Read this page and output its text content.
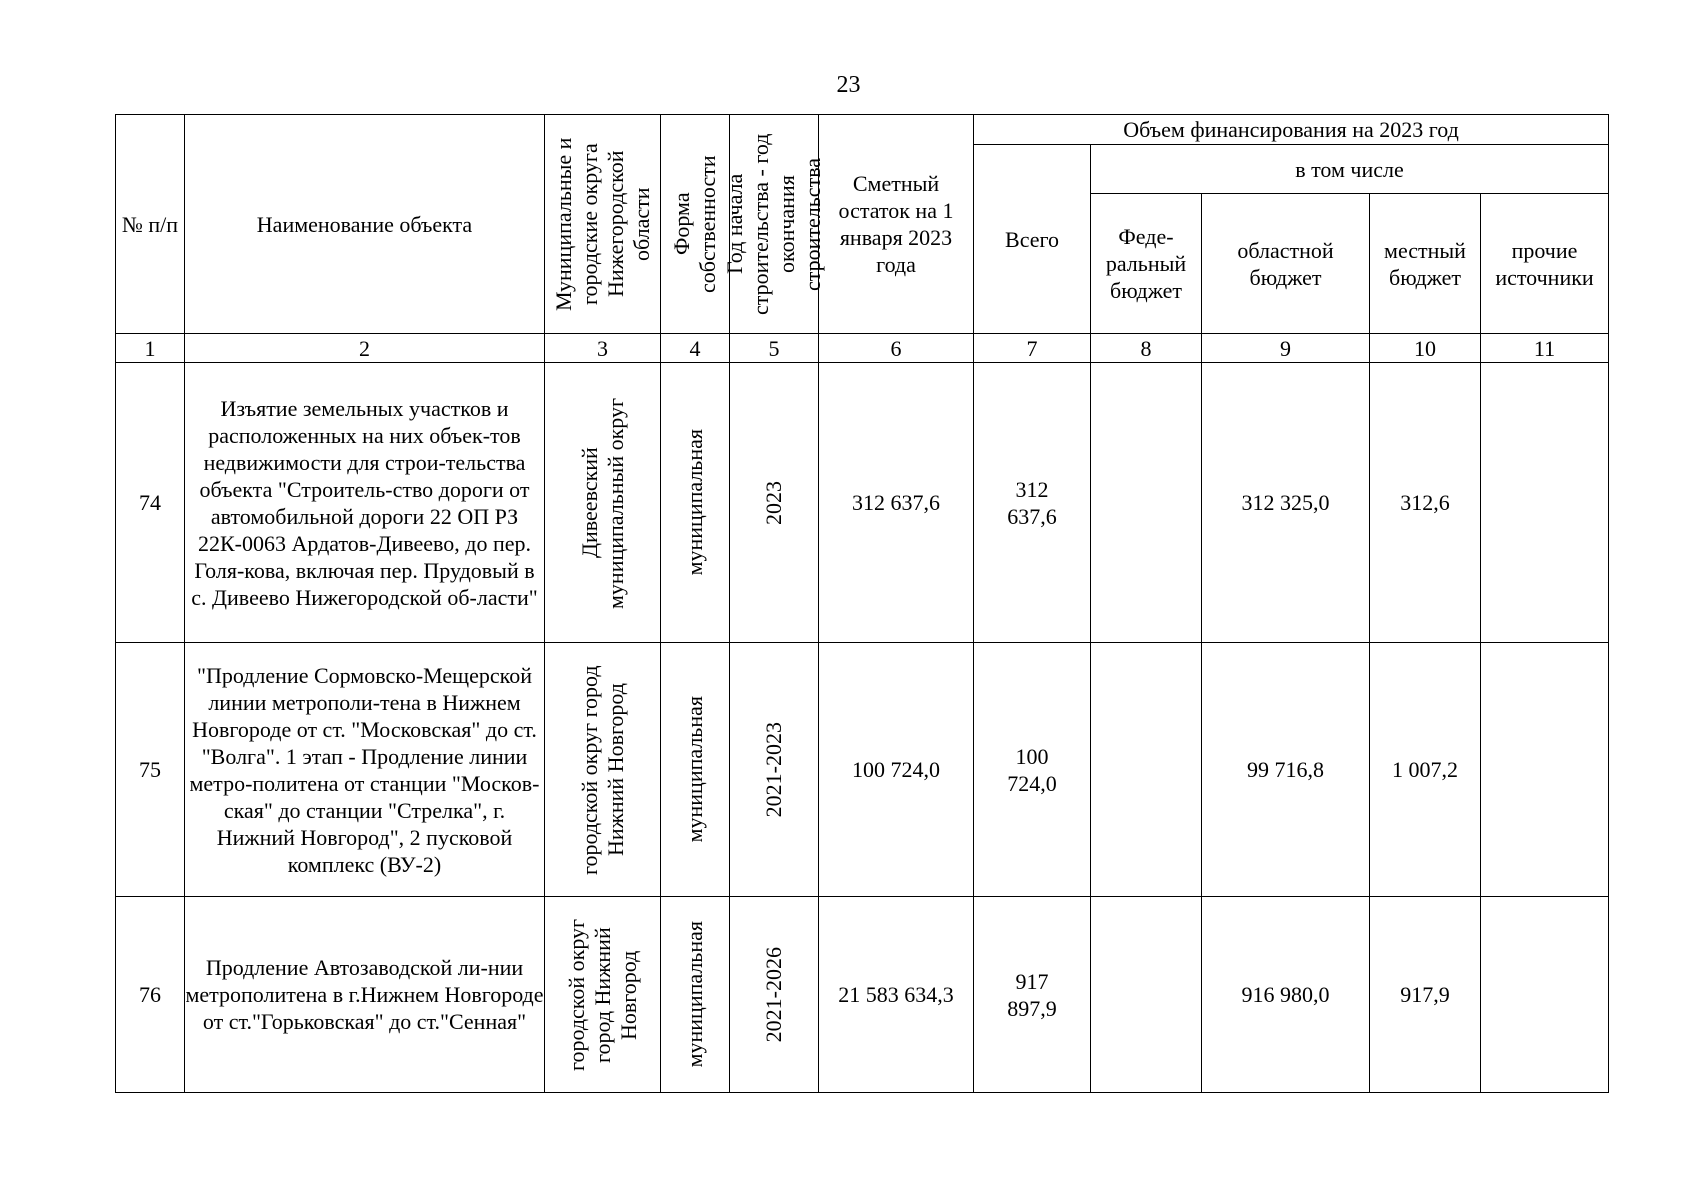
23
№ п/п	Наименование объекта	Муниципальные и городские округа Нижегородской области	Форма собственности	Год начала строительства - год окончания строительства	Сметный остаток на 1 января 2023 года	Объем финансирования на 2023 год				
						Всего	в том числе			
							Феде-ральный бюджет	областной бюджет	местный бюджет	прочие источники
1	2	3	4	5	6	7	8	9	10	11
74	Изъятие земельных участков и расположенных на них объек-тов недвижимости для строи-тельства объекта "Строитель-ство дороги от автомобильной дороги 22 ОП РЗ 22К-0063 Ардатов-Дивеево, до пер. Голя-кова, включая пер. Прудовый в с. Дивеево Нижегородской об-ласти"	Дивеевский муниципальный округ	муниципальная	2023	312 637,6	312 637,6		312 325,0	312,6	
75	"Продление Сормовско-Мещерской линии метрополи-тена в Нижнем Новгороде от ст. "Московская" до ст. "Волга". 1 этап - Продление линии метро-политена от станции "Москов-ская" до станции "Стрелка", г. Нижний Новгород", 2 пусковой комплекс (ВУ-2)	городской округ город Нижний Новгород	муниципальная	2021-2023	100 724,0	100 724,0		99 716,8	1 007,2	
76	Продление Автозаводской ли-нии метрополитена в г.Нижнем Новгороде от ст."Горьковская" до ст."Сенная"	городской округ город Нижний Новгород	муниципальная	2021-2026	21 583 634,3	917 897,9		916 980,0	917,9	
